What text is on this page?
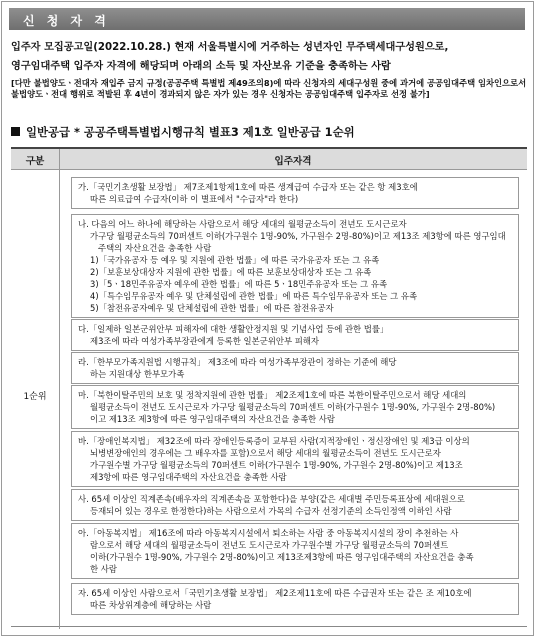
신 청 자 격
입주자 모집공고일(2022.10.28.) 현재 서울특별시에 거주하는 성년자인 무주택세대구성원으로,
영구임대주택 입주자 자격에 해당되며 아래의 소득 및 자산보유 기준을 충족하는 사람
[다만 불법양도ㆍ전대자 재입주 금지 규정(공공주택 특별법 제49조의8)에 따라 신청자의 세대구성원 중에 과거에 공공임대주택 임차인으로서 불법양도ㆍ전대 행위로 적발된 후 4년이 경과되지 않은 자가 있는 경우 신청자는 공공임대주택 입주자로 선정 불가]
일반공급 * 공공주택특별법시행규칙 별표3 제1호 일반공급 1순위
구분	입주자격
1순위
가.「국민기초생활 보장법」 제7조제1항제1호에 따른 생계급여 수급자 또는 같은 항 제3호에
따른 의료급여 수급자(이하 이 별표에서 "수급자"라 한다)
나. 다음의 어느 하나에 해당하는 사람으로서 해당 세대의 월평균소득이 전년도 도시근로자
가구당 월평균소득의 70퍼센트 이하(가구원수 1명-90%, 가구원수 2명-80%)이고 제13조 제3항에 따른 영구임대
주택의 자산요건을 충족한 사람
1)「국가유공자 등 예우 및 지원에 관한 법률」에 따른 국가유공자 또는 그 유족
2)「보훈보상대상자 지원에 관한 법률」에 따른 보훈보상대상자 또는 그 유족
3)「5ㆍ18민주유공자 예우에 관한 법률」에 따른 5ㆍ18민주유공자 또는 그 유족
4)「특수임무유공자 예우 및 단체설립에 관한 법률」에 따른 특수임무유공자 또는 그 유족
5)「참전유공자예우 및 단체설립에 관한 법률」에 따른 참전유공자
다.「일제하 일본군위안부 피해자에 대한 생활안정지원 및 기념사업 등에 관한 법률」
제3조에 따라 여성가족부장관에게 등록한 일본군위안부 피해자
라.「한부모가족지원법 시행규칙」 제3조에 따라 여성가족부장관이 정하는 기준에 해당
하는 지원대상 한부모가족
마.「북한이탈주민의 보호 및 정착지원에 관한 법률」 제2조제1호에 따른 북한이탈주민으로서 해당 세대의
월평균소득이 전년도 도시근로자 가구당 월평균소득의 70퍼센트 이하(가구원수 1명-90%, 가구원수 2명-80%)
이고 제13조 제3항에 따른 영구임대주택의 자산요건을 충족한 사람
바.「장애인복지법」 제32조에 따라 장애인등록증이 교부된 사람(지적장애인ㆍ정신장애인 및 제3급 이상의
뇌병변장애인의 경우에는 그 배우자를 포함)으로서 해당 세대의 월평균소득이 전년도 도시근로자
가구원수별 가구당 월평균소득의 70퍼센트 이하(가구원수 1명-90%, 가구원수 2명-80%)이고 제13조
제3항에 따른 영구임대주택의 자산요건을 충족한 사람
사. 65세 이상인 직계존속(배우자의 직계존속을 포함한다)을 부양(같은 세대별 주민등록표상에 세대원으로
등재되어 있는 경우로 한정한다)하는 사람으로서 가목의 수급자 선정기준의 소득인정액 이하인 사람
아.「아동복지법」 제16조에 따라 아동복지시설에서 퇴소하는 사람 중 아동복지시설의 장이 추천하는 사
람으로서 해당 세대의 월평균소득이 전년도 도시근로자 가구원수별 가구당 월평균소득의 70퍼센트
이하(가구원수 1명-90%, 가구원수 2명-80%)이고 제13조제3항에 따른 영구임대주택의 자산요건을 충족
한 사람
자. 65세 이상인 사람으로서「국민기초생활 보장법」 제2조제11호에 따른 수급권자 또는 같은 조 제10호에
따른 차상위계층에 해당하는 사람
